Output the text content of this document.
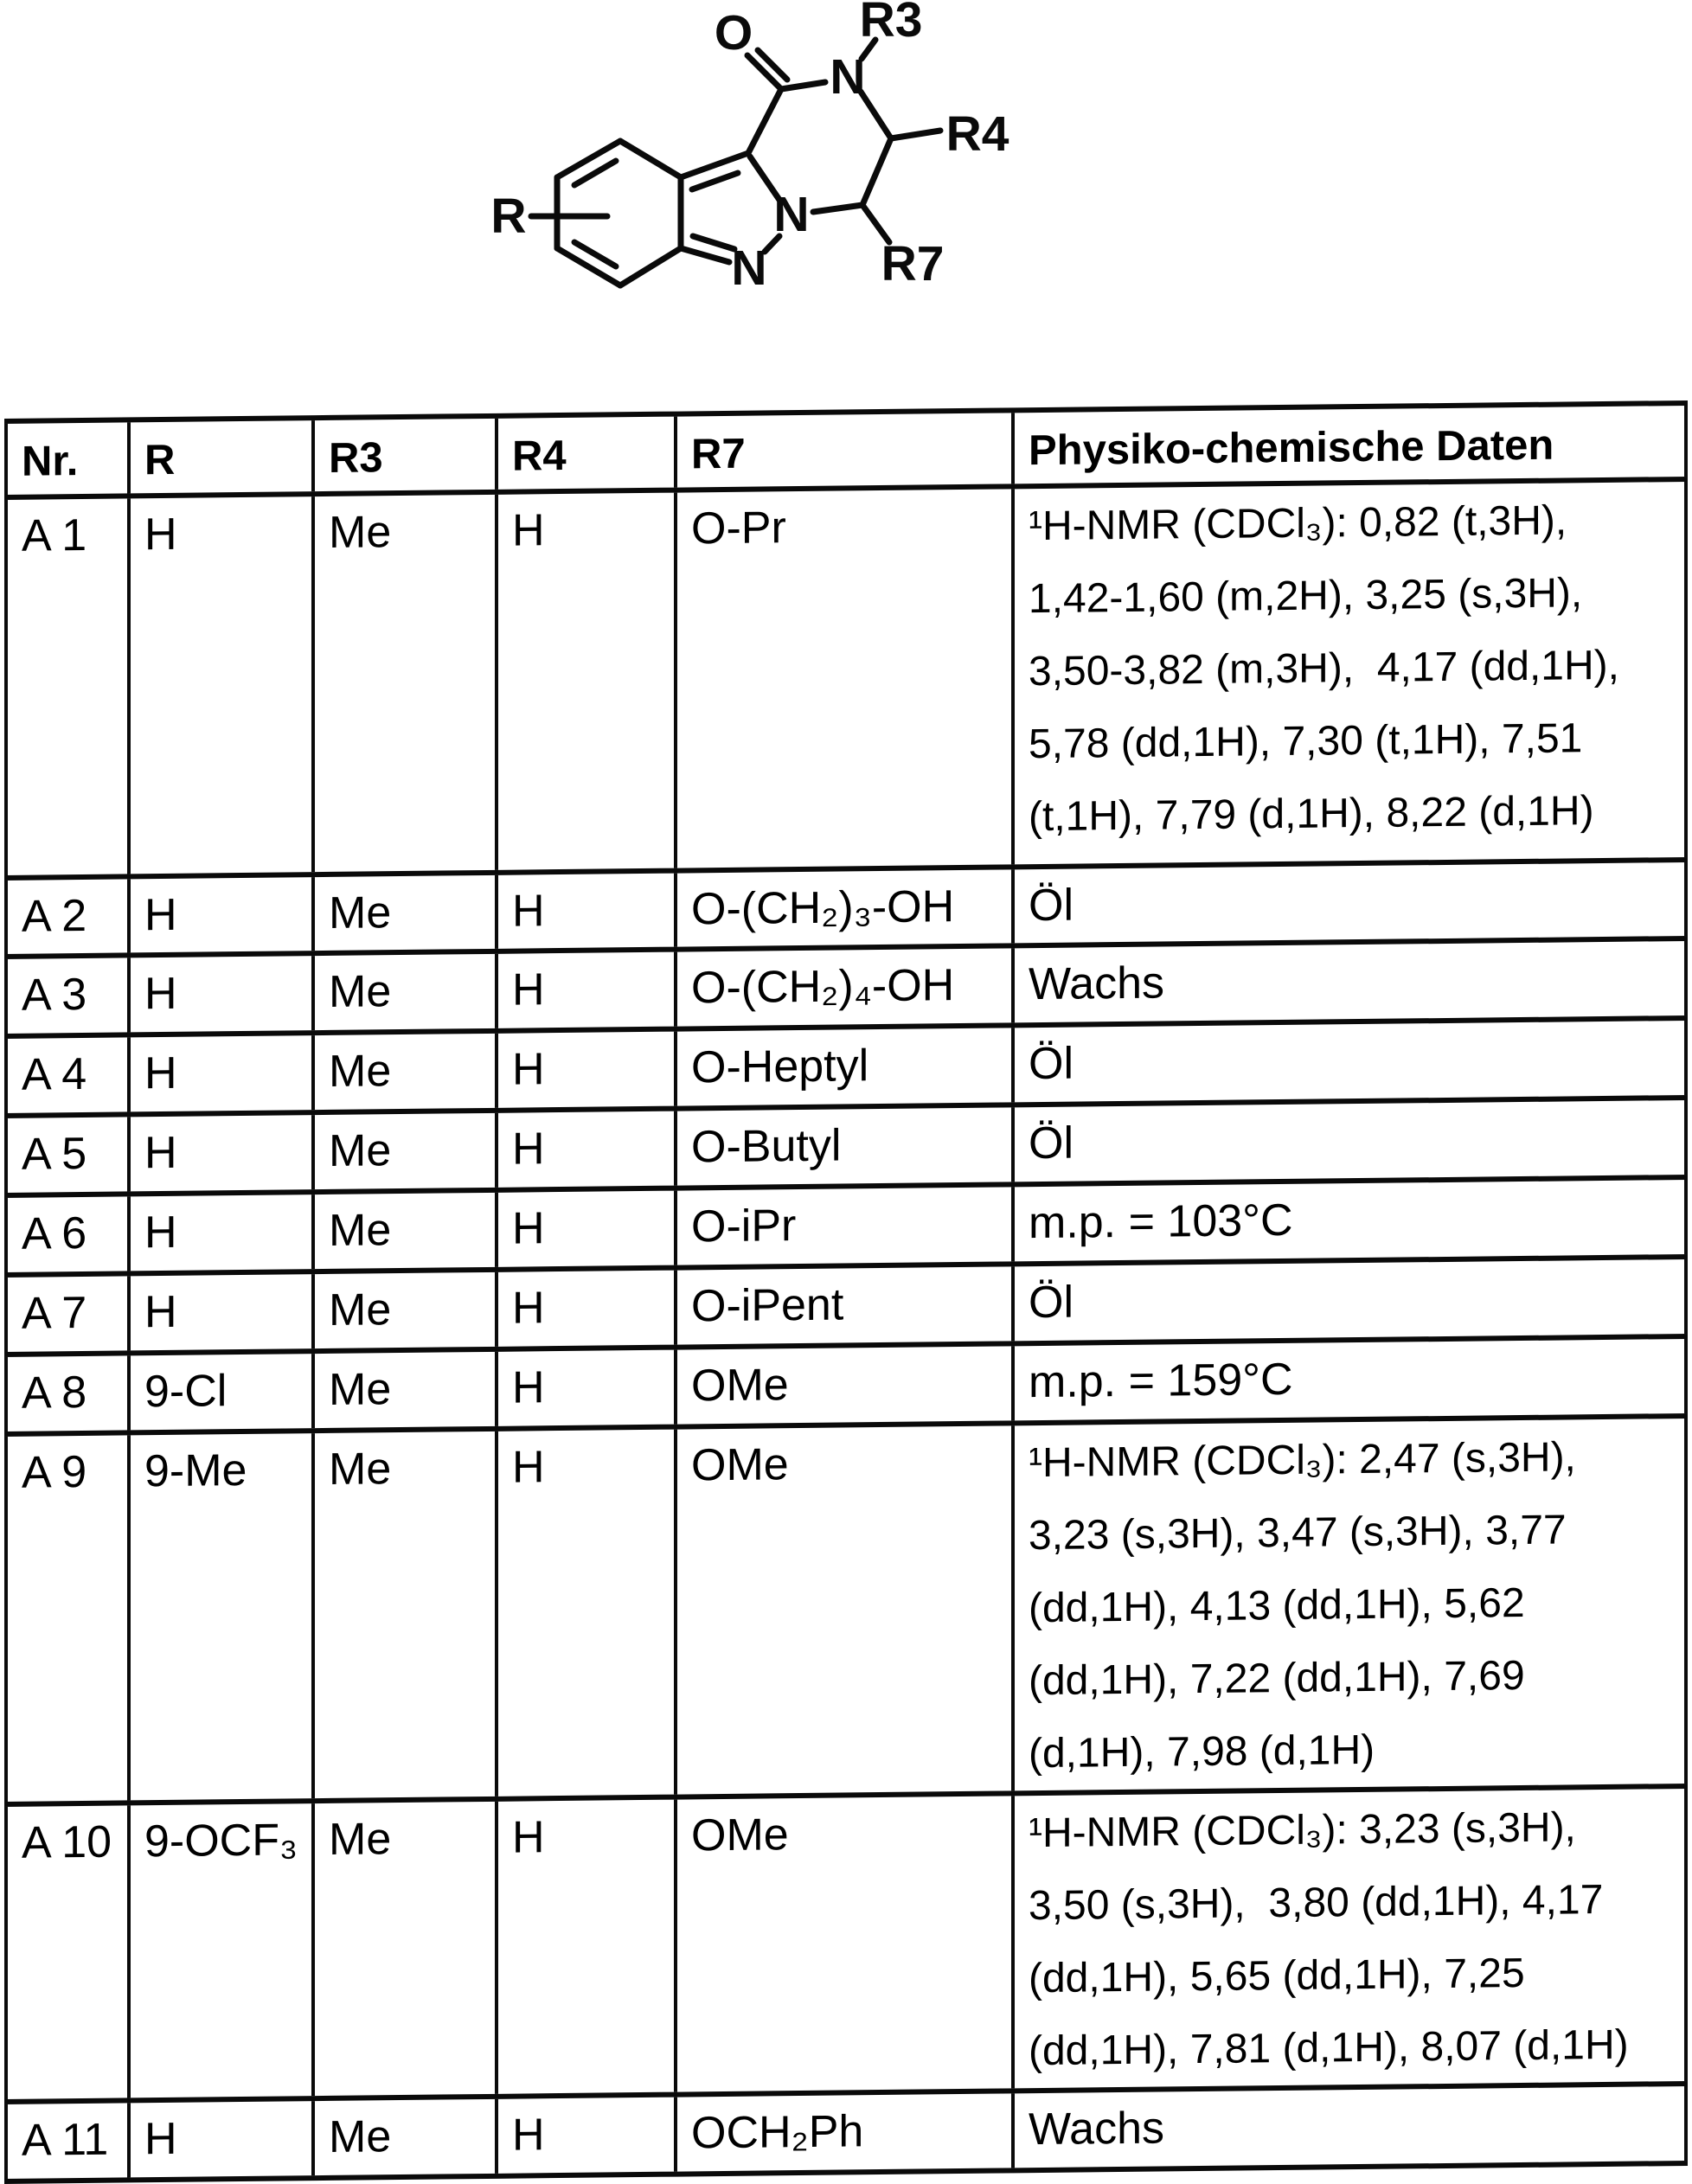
R
O R3
N
R4
N
N R7
Nr.	R	R3	R4	R7	Physiko-chemische Daten
A 1	H	Me	H	O-Pr	¹H-NMR (CDCl₃): 0,82 (t,3H),
1,42-1,60 (m,2H), 3,25 (s,3H),
3,50-3,82 (m,3H),  4,17 (dd,1H),
5,78 (dd,1H), 7,30 (t,1H), 7,51
(t,1H), 7,79 (d,1H), 8,22 (d,1H)

A 2	H	Me	H	O-(CH₂)₃-OH	Öl

A 3	H	Me	H	O-(CH₂)₄-OH	Wachs

A 4	H	Me	H	O-Heptyl	Öl

A 5	H	Me	H	O-Butyl	Öl

A 6	H	Me	H	O-iPr	m.p. = 103°C

A 7	H	Me	H	O-iPent	Öl

A 8	9-Cl	Me	H	OMe	m.p. = 159°C

A 9	9-Me	Me	H	OMe	¹H-NMR (CDCl₃): 2,47 (s,3H),
3,23 (s,3H), 3,47 (s,3H), 3,77
(dd,1H), 4,13 (dd,1H), 5,62
(dd,1H), 7,22 (dd,1H), 7,69
(d,1H), 7,98 (d,1H)

A 10	9-OCF₃	Me	H	OMe	¹H-NMR (CDCl₃): 3,23 (s,3H),
3,50 (s,3H),  3,80 (dd,1H), 4,17
(dd,1H), 5,65 (dd,1H), 7,25
(dd,1H), 7,81 (d,1H), 8,07 (d,1H)

A 11	H	Me	H	OCH₂Ph	Wachs
